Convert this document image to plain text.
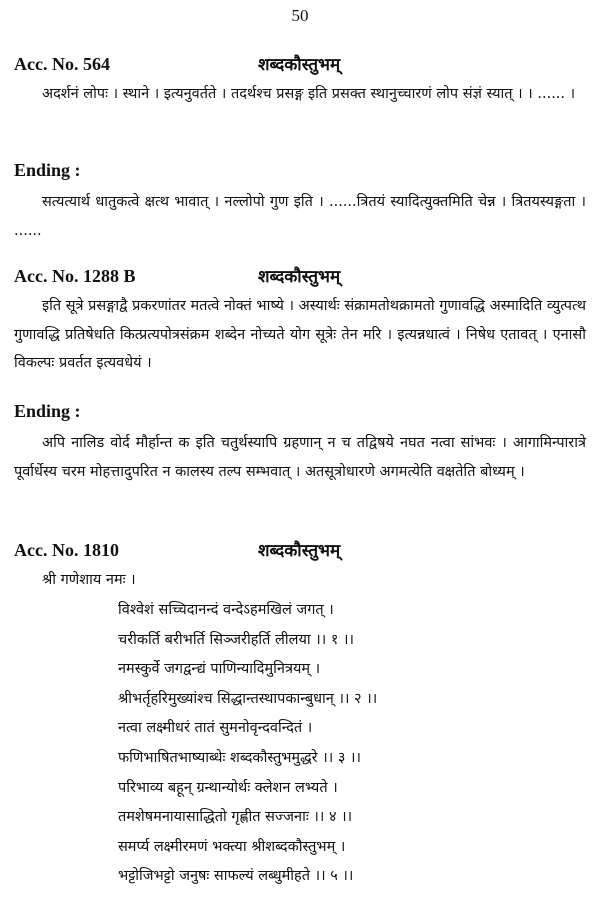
50
Acc. No. 564	शब्दकौस्तुभम्
अदर्शनं लोपः । स्थाने । इत्यनुवर्तते । तदर्थश्च प्रसङ्ग इति प्रसक्त स्थानुच्चारणं लोप संज्ञं स्यात् । । ...... ।
Ending :
सत्यत्यार्थ धातुकत्वे क्षत्थ भावात् । नल्लोपो गुण इति । ......त्रितयं स्यादित्युक्तमिति चेन्न । त्रितयस्यङ्गता । ......
Acc. No. 1288 B	शब्दकौस्तुभम्
इति सूत्रे प्रसङ्गाद्वै प्रकरणांतर मतत्वे नोक्तं भाष्ये । अस्यार्थः संक्रामतोथक्रामतो गुणावद्धि अस्मादिति व्युत्पत्थ गुणावद्धि प्रतिषेधति कित्प्रत्यपोत्रसंक्रम शब्देन नोच्यते योग सूत्रेः तेन मरि । इत्यन्नधात्वं । निषेध एतावत् । एनासौ विकल्पः प्रवर्तत इत्यवधेयं ।
Ending :
अपि नालिड वोर्द मौर्हान्त क इति चतुर्थस्यापि ग्रहणान् न च तद्विषये नघत नत्वा सांभवः । आगामिन्पारात्रे पूर्वार्धेस्य चरम मोहत्तादुपरित न कालस्य तल्प सम्भवात् । अतसूत्रोधारणे अगमत्येति वक्षतेति बोध्यम् ।
Acc. No. 1810	शब्दकौस्तुभम्
श्री गणेशाय नमः ।
विश्वेशं सच्चिदानन्दं वन्देऽहमखिलं जगत् ।
चरीकर्ति बरीभर्ति सिञ्जरीहर्ति लीलया ।। १ ।।
नमस्कुर्वे जगद्वन्द्यं पाणिन्यादिमुनित्रयम् ।
श्रीभर्तृहरिमुख्यांश्च सिद्धान्तस्थापकान्बुधान् ।। २ ।।
नत्वा लक्ष्मीधरं तातं सुमनोवृन्दवन्दितं ।
फणिभाषितभाष्याब्धेः शब्दकौस्तुभमुद्धरे ।। ३ ।।
परिभाव्य बहून् ग्रन्थान्योर्थः क्लेशन लभ्यते ।
तमशेषमनायासाद्धितो गृह्णीत सज्जनाः ।। ४ ।।
समर्प्य लक्ष्मीरमणं भक्त्या श्रीशब्दकौस्तुभम् ।
भट्टोजिभट्टो जनुषः साफल्यं लब्धुमीहते ।। ५ ।।
